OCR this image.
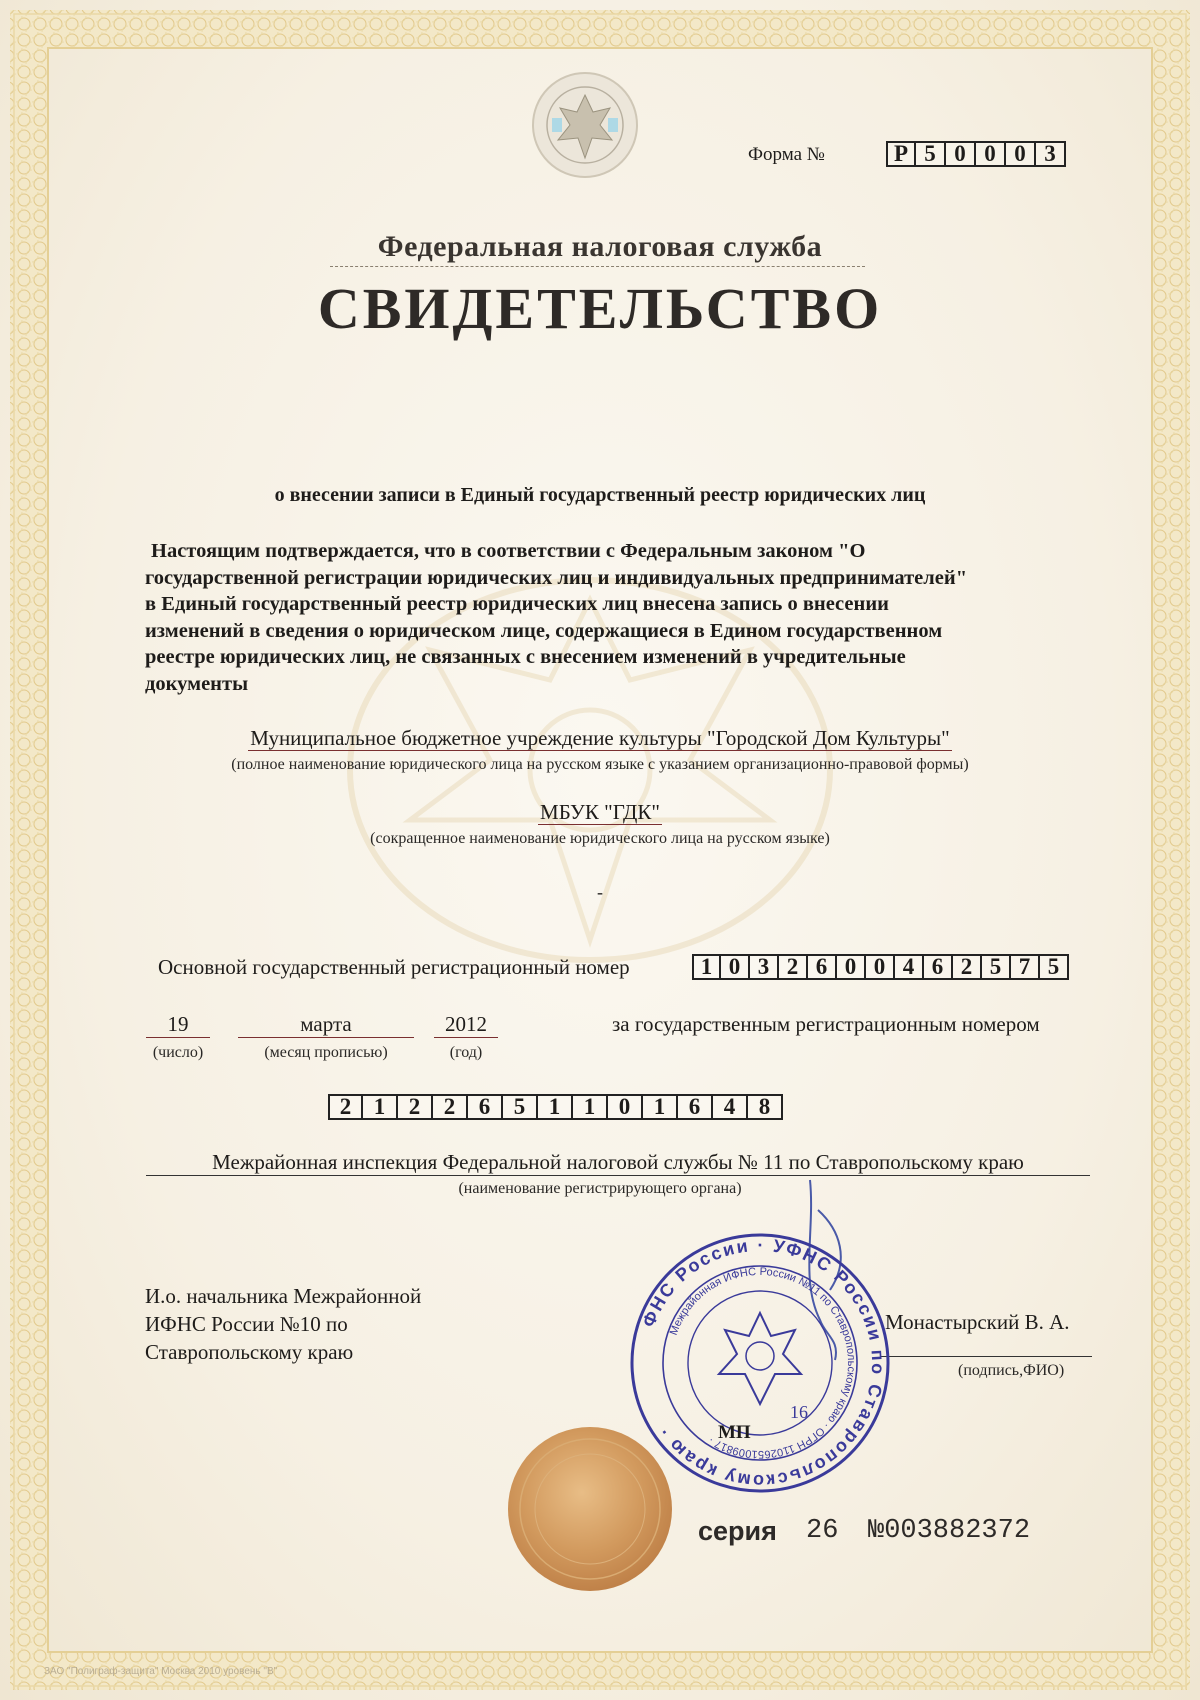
Форма №	Р 5 0 0 0 3
Федеральная налоговая служба
СВИДЕТЕЛЬСТВО
о внесении записи в Единый государственный реестр юридических лиц
Настоящим подтверждается, что в соответствии с Федеральным законом "О
государственной регистрации юридических лиц и индивидуальных предпринимателей"
в Единый государственный реестр юридических лиц внесена запись о внесении
изменений в сведения о юридическом лице, содержащиеся в Едином государственном
реестре юридических лиц, не связанных с внесением изменений в учредительные
документы
Муниципальное бюджетное учреждение культуры "Городской Дом Культуры"
(полное наименование юридического лица на русском языке с указанием организационно-правовой формы)
МБУК "ГДК"
(сокращенное наименование юридического лица на русском языке)
-
Основной государственный регистрационный номер	1 0 3 2 6 0 0 4 6 2 5 7 5
19
(число)
марта
(месяц прописью)
2012
(год)
за государственным регистрационным номером
2 1	2	2	6	5	1	1	0	1	6	4	8
Межрайонная инспекция Федеральной налоговой службы № 11 по Ставропольскому краю
(наименование регистрирующего органа)
И.о. начальника Межрайонной
ИФНС России №10 по
Ставропольскому краю
Монастырский В. А.
(подпись,ФИО)
ФНС России · УФНС России по Ставропольскому краю ·
Межрайонная ИФНС России №11 по Ставропольскому краю · ОГРН 1102651009817 ·
16
МП
серия 26 №003882372
ЗАО "Полиграф-защита" Москва 2010 уровень "В"
